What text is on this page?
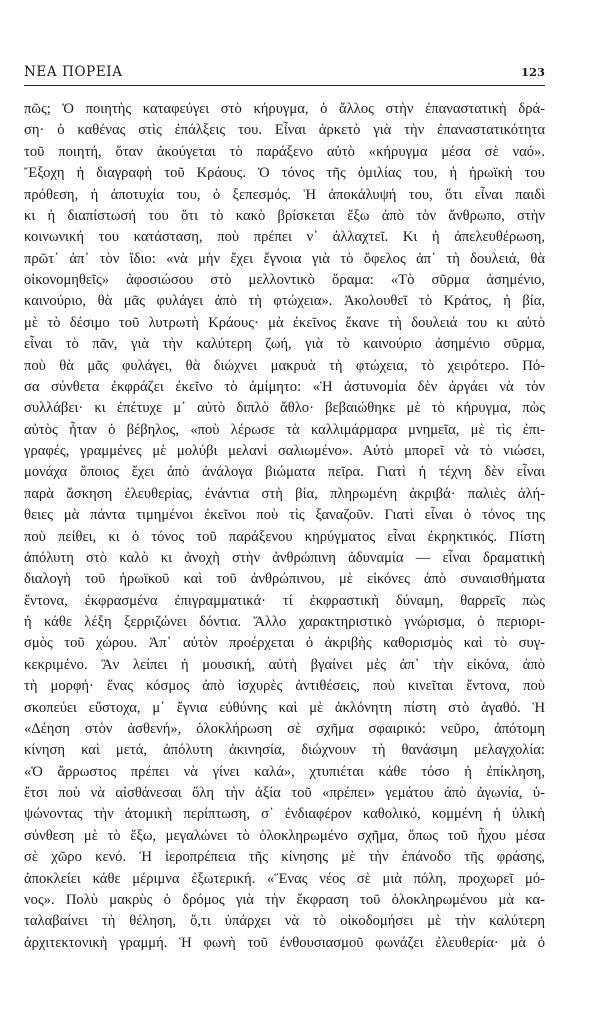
ΝΕΑ ΠΟΡΕΙΑ	123
πῶς; Ὁ ποιητὴς καταφεύγει στὸ κήρυγμα, ὁ ἄλλος στὴν ἐπαναστατικὴ δρά-
ση· ὁ καθένας στὶς ἐπάλξεις του. Εἶναι ἀρκετὸ γιὰ τὴν ἐπαναστατικότητα
τοῦ ποιητή, ὅταν ἀκούγεται τὸ παράξενο αὐτὸ «κήρυγμα μέσα σὲ ναό».
Ἔξοχη ἡ διαγραφὴ τοῦ Κράους. Ὁ τόνος τῆς ὁμιλίας του, ἡ ἡρωϊκὴ του
πρόθεση, ἡ ἀποτυχία του, ὁ ξεπεσμός. Ἡ ἀποκάλυψή του, ὅτι εἶναι παιδὶ
κι ἡ διαπίστωσή του ὅτι τὸ κακὸ βρίσκεται ἔξω ἀπὸ τὸν ἄνθρωπο, στὴν
κοινωνική του κατάσταση, ποὺ πρέπει ν᾽ ἀλλαχτεῖ. Κι ἡ ἀπελευθέρωση,
πρῶτ᾽ ἀπ᾽ τὸν ἴδιο: «νὰ μὴν ἔχει ἔγνοια γιὰ τὸ ὄφελος ἀπ᾽ τὴ δουλειά, θὰ
οἰκονομηθεῖς» ἀφοσιώσου στὸ μελλοντικὸ ὅραμα: «Τὸ σῦρμα ἀσημένιο,
καινούριο, θὰ μᾶς φυλάγει ἀπὸ τὴ φτώχεια». Ἀκολουθεῖ τὸ Κράτος, ἡ βία,
μὲ τὸ δέσιμο τοῦ λυτρωτὴ Κράους· μὰ ἐκεῖνος ἔκανε τὴ δουλειά του κι αὐτὸ
εἶναι τὸ πᾶν, γιὰ τὴν καλύτερη ζωή, γιὰ τὸ καινούριο ἀσημένιο σῦρμα,
ποὺ θὰ μᾶς φυλάγει, θὰ διώχνει μακρυὰ τὴ φτώχεια, τὸ χειρότερο. Πό-
σα σύνθετα ἐκφράζει ἐκεῖνο τὸ ἀμίμητο: «Ἡ ἀστυνομία δὲν ἀργάει νὰ τὸν
συλλάβει· κι ἐπέτυχε μ᾽ αὐτὸ διπλὸ ἄθλο· βεβαιώθηκε μὲ τὸ κήρυγμα, πὼς
αὐτὸς ἦταν ὁ βέβηλος, «ποὺ λέρωσε τὰ καλλιμάρμαρα μνημεῖα, μὲ τὶς ἐπι-
γραφές, γραμμένες μὲ μολύβι μελανὶ σαλιωμένο». Αὐτὸ μπορεῖ νὰ τὸ νιώσει,
μονάχα ὅποιος ἔχει ἀπὸ ἀνάλογα βιώματα πεῖρα. Γιατὶ ἡ τέχνη δὲν εἶναι
παρὰ ἄσκηση ἐλευθερίας, ἐνάντια στὴ βία, πληρωμένη ἀκριβά· παλιὲς ἀλή-
θειες μὰ πάντα τιμημένοι ἐκεῖνοι ποὺ τὶς ξαναζοῦν. Γιατὶ εἶναι ὁ τόνος της
ποὺ πείθει, κι ὁ τόνος τοῦ παράξενου κηρύγματος εἶναι ἐκρηκτικός. Πίστη
ἀπόλυτη στὸ καλὸ κι ἀνοχὴ στὴν ἀνθρώπινη ἀδυναμία — εἶναι δραματικὴ
διαλογὴ τοῦ ἡρωϊκοῦ καὶ τοῦ ἀνθρώπινου, μὲ εἰκόνες ἀπὸ συναισθήματα
ἔντονα, ἐκφρασμένα ἐπιγραμματικά· τί ἐκφραστικὴ δύναμη, θαρρεῖς πὼς
ἡ κάθε λέξη ξερριζώνει δόντια. Ἄλλο χαρακτηριστικὸ γνώρισμα, ὁ περιορι-
σμὸς τοῦ χώρου. Ἀπ᾽ αὐτὸν προέρχεται ὁ ἀκριβὴς καθορισμὸς καὶ τὸ συγ-
κεκριμένο. Ἂν λείπει ἡ μουσική, αὐτὴ βγαίνει μὲς ἀπ᾽ τὴν εἰκόνα, ἀπὸ
τὴ μορφή· ἕνας κόσμος ἀπὸ ἰσχυρὲς ἀντιθέσεις, ποὺ κινεῖται ἔντονα, ποὺ
σκοπεύει εὔστοχα, μ᾽ ἔγνια εὐθύνης καὶ μὲ ἀκλόνητη πίστη στὸ ἀγαθό. Ἡ
«Δέηση στὸν ἀσθενή», ὁλοκλήρωση σὲ σχῆμα σφαιρικό: νεῦρο, ἀπότομη
κίνηση καὶ μετά, ἀπόλυτη ἀκινησία, διώχνουν τὴ θανάσιμη μελαγχολία:
«Ὁ ἄρρωστος πρέπει νὰ γίνει καλά», χτυπιέται κάθε τόσο ἡ ἐπίκληση,
ἔτσι ποὺ νὰ αἰσθάνεσαι ὅλη τὴν ἀξία τοῦ «πρέπει» γεμάτου ἀπὸ ἀγωνία, ὑ-
ψώνοντας τὴν ἀτομικὴ περίπτωση, σ᾽ ἐνδιαφέρον καθολικό, κομμένη ἡ ὑλικὴ
σύνθεση μὲ τὸ ἔξω, μεγαλώνει τὸ ὁλοκληρωμένο σχῆμα, ὅπως τοῦ ἦχου μέσα
σὲ χῶρο κενό. Ἡ ἱεροπρέπεια τῆς κίνησης μὲ τὴν ἐπάνοδο τῆς φράσης,
ἀποκλείει κάθε μέριμνα ἐξωτερική. «Ἕνας νέος σὲ μιὰ πόλη, προχωρεῖ μό-
νος». Πολὺ μακρὺς ὁ δρόμος γιὰ τὴν ἔκφραση τοῦ ὁλοκληρωμένου μὰ κα-
ταλαβαίνει τὴ θέληση, ὅ,τι ὑπάρχει νὰ τὸ οἰκοδομήσει μὲ τὴν καλύτερη
ἀρχιτεκτονικὴ γραμμή. Ἡ φωνὴ τοῦ ἐνθουσιασμοῦ φωνάζει ἐλευθερία· μὰ ὁ
